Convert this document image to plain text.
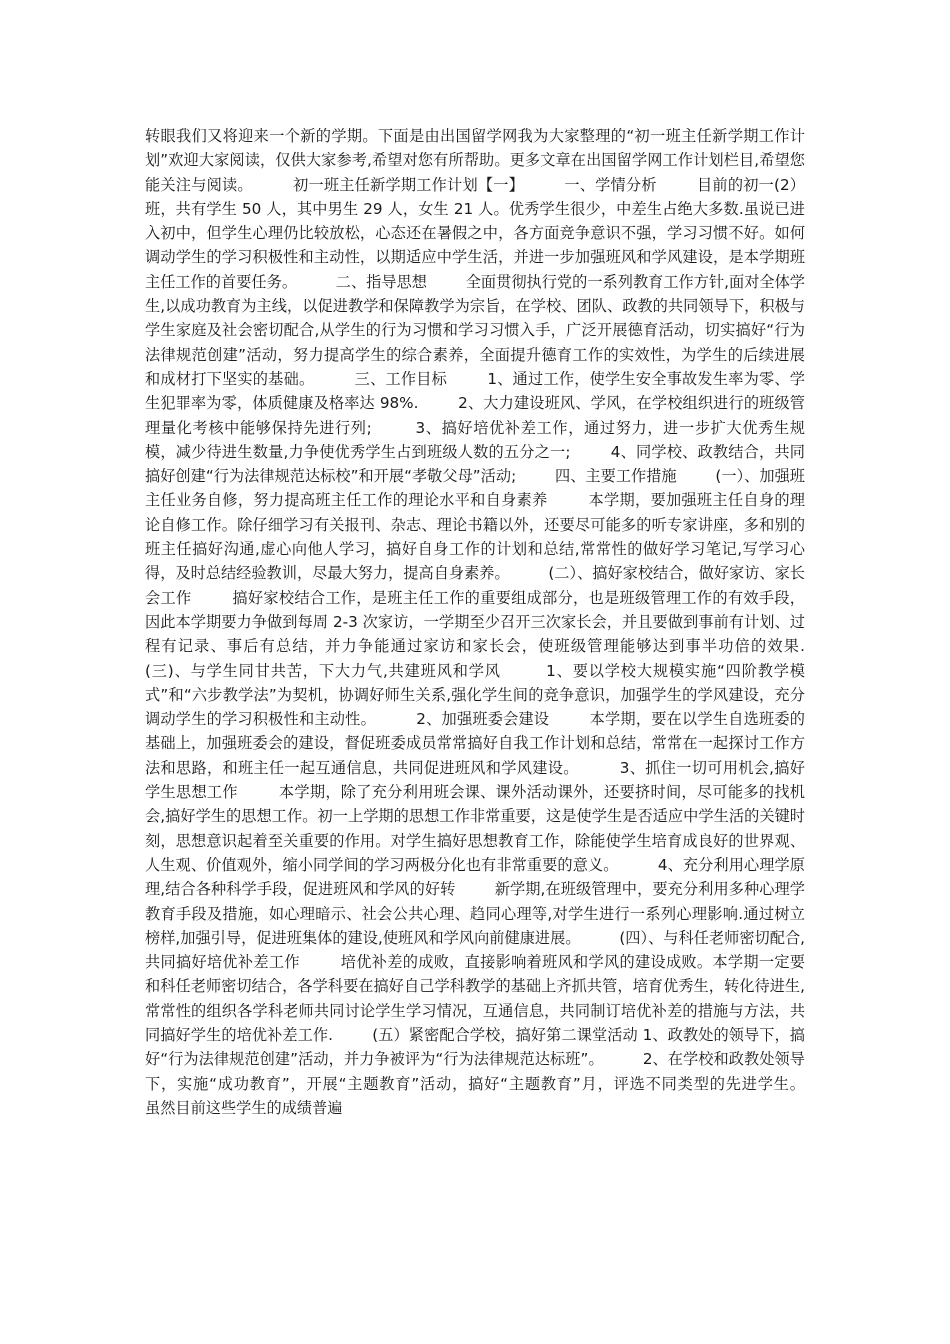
转眼我们又将迎来一个新的学期。下面是由出国留学网我为大家整理的“初一班主任新学期工作计划”欢迎大家阅读，仅供大家参考,希望对您有所帮助。更多文章在出国留学网工作计划栏目,希望您能关注与阅读。        初一班主任新学期工作计划【一】        一、学情分析        目前的初一(2）班，共有学生 50 人，其中男生 29 人，女生 21 人。优秀学生很少，中差生占绝大多数.虽说已进入初中，但学生心理仍比较放松，心态还在暑假之中，各方面竞争意识不强，学习习惯不好。如何调动学生的学习积极性和主动性，以期适应中学生活，并进一步加强班风和学风建设，是本学期班主任工作的首要任务。        二、指导思想        全面贯彻执行党的一系列教育工作方针,面对全体学生,以成功教育为主线，以促进教学和保障教学为宗旨，在学校、团队、政教的共同领导下，积极与学生家庭及社会密切配合,从学生的行为习惯和学习习惯入手，广泛开展德育活动，切实搞好“行为法律规范创建”活动，努力提高学生的综合素养，全面提升德育工作的实效性，为学生的后续进展和成材打下坚实的基础。        三、工作目标        1、通过工作，使学生安全事故发生率为零、学生犯罪率为零，体质健康及格率达 98%.        2、大力建设班风、学风，在学校组织进行的班级管理量化考核中能够保持先进行列;        3、搞好培优补差工作，通过努力，进一步扩大优秀生规模，减少待进生数量,力争使优秀学生占到班级人数的五分之一;        4、同学校、政教结合，共同搞好创建“行为法律规范达标校”和开展“孝敬父母”活动;        四、主要工作措施        (一）、加强班主任业务自修，努力提高班主任工作的理论水平和自身素养        本学期，要加强班主任自身的理论自修工作。除仔细学习有关报刊、杂志、理论书籍以外，还要尽可能多的听专家讲座，多和别的班主任搞好沟通,虚心向他人学习，搞好自身工作的计划和总结,常常性的做好学习笔记,写学习心得，及时总结经验教训，尽最大努力，提高自身素养。        (二）、搞好家校结合，做好家访、家长会工作        搞好家校结合工作，是班主任工作的重要组成部分，也是班级管理工作的有效手段，因此本学期要力争做到每周 2-3 次家访，一学期至少召开三次家长会，并且要做到事前有计划、过程有记录、事后有总结，并力争能通过家访和家长会，使班级管理能够达到事半功倍的效果.        (三)、与学生同甘共苦，下大力气,共建班风和学风        1、要以学校大规模实施“四阶教学模式”和“六步教学法”为契机，协调好师生关系,强化学生间的竞争意识，加强学生的学风建设，充分调动学生的学习积极性和主动性。        2、加强班委会建设        本学期，要在以学生自选班委的基础上，加强班委会的建设，督促班委成员常常搞好自我工作计划和总结，常常在一起探讨工作方法和思路，和班主任一起互通信息，共同促进班风和学风建设。        3、抓住一切可用机会,搞好学生思想工作        本学期，除了充分利用班会课、课外活动课外，还要挤时间，尽可能多的找机会,搞好学生的思想工作。初一上学期的思想工作非常重要，这是使学生是否适应中学生活的关键时刻，思想意识起着至关重要的作用。对学生搞好思想教育工作，除能使学生培育成良好的世界观、人生观、价值观外，缩小同学间的学习两极分化也有非常重要的意义。        4、充分利用心理学原理,结合各种科学手段，促进班风和学风的好转        新学期,在班级管理中，要充分利用多种心理学教育手段及措施，如心理暗示、社会公共心理、趋同心理等,对学生进行一系列心理影响.通过树立榜样,加强引导，促进班集体的建设,使班风和学风向前健康进展。        (四）、与科任老师密切配合,共同搞好培优补差工作        培优补差的成败，直接影响着班风和学风的建设成败。本学期一定要和科任老师密切结合，各学科要在搞好自己学科教学的基础上齐抓共管，培育优秀生，转化待进生,常常性的组织各学科老师共同讨论学生学习情况，互通信息，共同制订培优补差的措施与方法，共同搞好学生的培优补差工作.        (五）紧密配合学校，搞好第二课堂活动 1、政教处的领导下，搞好“行为法律规范创建”活动，并力争被评为“行为法律规范达标班”。        2、在学校和政教处领导下，实施“成功教育”，开展“主题教育”活动，搞好“主题教育”月，评选不同类型的先进学生。        虽然目前这些学生的成绩普遍
